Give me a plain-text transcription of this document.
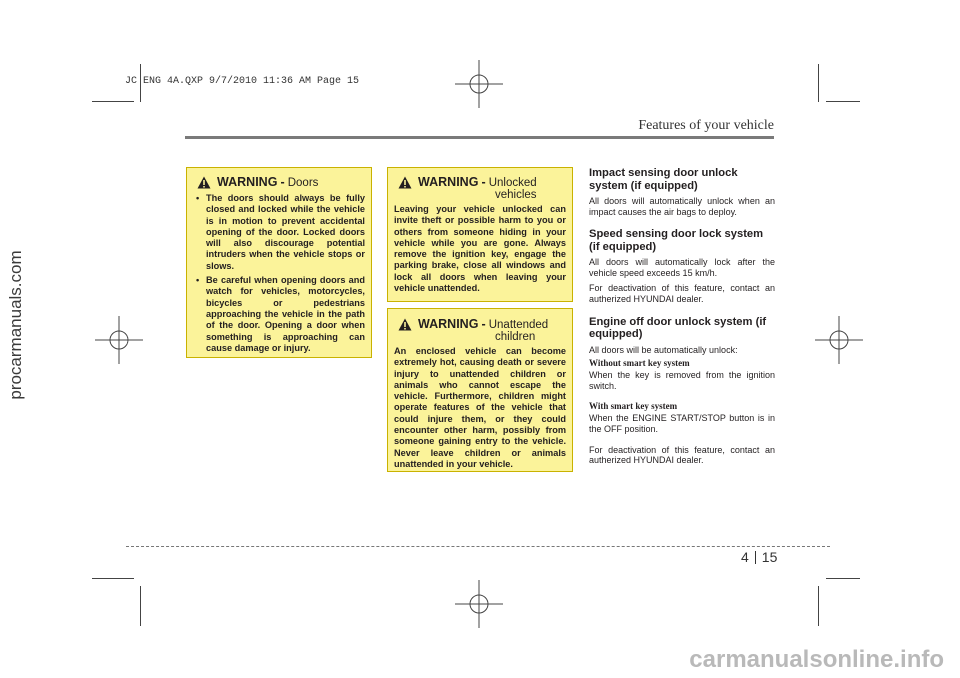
JC ENG 4A.QXP 9/7/2010 11:36 AM Page 15
procarmanuals.com
Features of your vehicle
WARNING - Doors
• The doors should always be fully closed and locked while the vehicle is in motion to prevent accidental opening of the door. Locked doors will also discourage potential intruders when the vehicle stops or slows.
• Be careful when opening doors and watch for vehicles, motorcycles, bicycles or pedestrians approaching the vehicle in the path of the door. Opening a door when something is approaching can cause damage or injury.
WARNING - Unlocked
vehicles
Leaving your vehicle unlocked can invite theft or possible harm to you or others from someone hiding in your vehicle while you are gone. Always remove the ignition key, engage the parking brake, close all windows and lock all doors when leaving your vehicle unattended.
WARNING - Unattended
children
An enclosed vehicle can become extremely hot, causing death or severe injury to unattended children or animals who cannot escape the vehicle. Furthermore, children might operate features of the vehicle that could injure them, or they could encounter other harm, possibly from someone gaining entry to the vehicle. Never leave children or animals unattended in your vehicle.
Impact sensing door unlock system (if equipped)
All doors will automatically unlock when an impact causes the air bags to deploy.
Speed sensing door lock system (if equipped)
All doors will automatically lock after the vehicle speed exceeds 15 km/h.
For deactivation of this feature, contact an autherized HYUNDAI dealer.
Engine off door unlock system (if equipped)
All doors will be automatically unlock:
Without smart key system
When the key is removed from the ignition switch.
With smart key system
When the ENGINE START/STOP button is in the OFF position.
For deactivation of this feature, contact an autherized HYUNDAI dealer.
4 15
carmanualsonline.info
